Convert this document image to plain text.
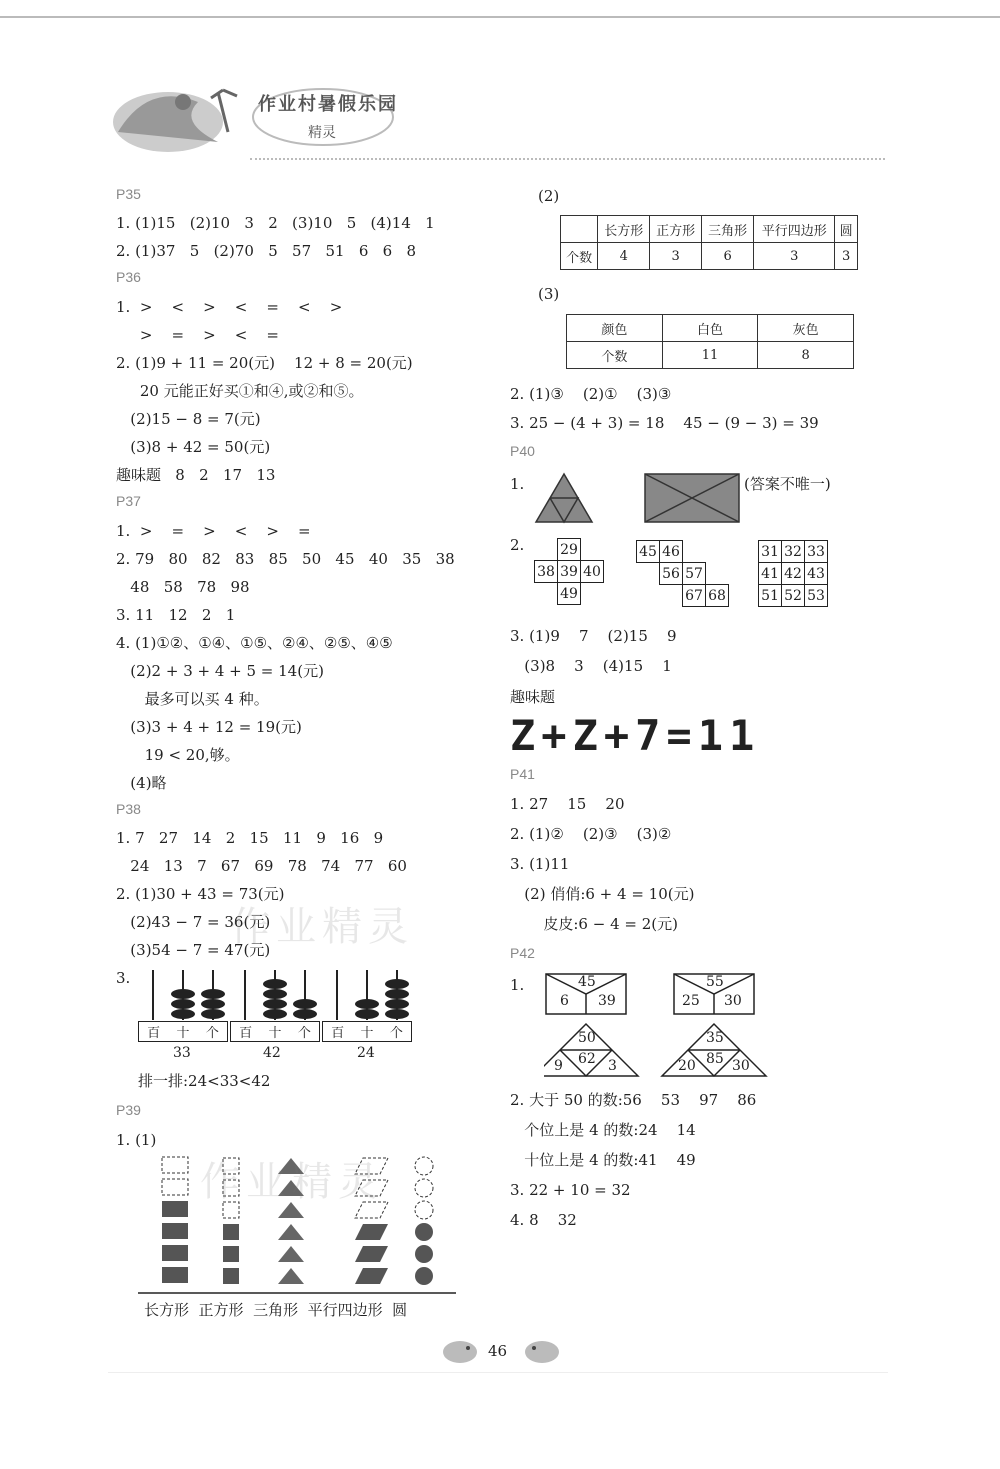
作业村暑假乐园
精灵
P35
1. (1)15   (2)10   3   2   (3)10   5   (4)14   1
2. (1)37   5   (2)70   5   57   51   6   6   8
P36
1.  >    <    >    <    =    <    >
>    =    >    <    =
2. (1)9 + 11 = 20(元)    12 + 8 = 20(元)
20 元能正好买①和④,或②和⑤。
(2)15 − 8 = 7(元)
(3)8 + 42 = 50(元)
趣味题   8   2   17   13
P37
1.  >    =    >    <    >    =
2. 79   80   82   83   85   50   45   40   35   38
48   58   78   98
3. 11   12   2   1
4. (1)①②、①④、①⑤、②④、②⑤、④⑤
(2)2 + 3 + 4 + 5 = 14(元)
最多可以买 4 种。
(3)3 + 4 + 12 = 19(元)
19 < 20,够。
(4)略
P38
1. 7   27   14   2   15   11   9   16   9
24   13   7   67   69   78   74   77   60
2. (1)30 + 43 = 73(元)
(2)43 − 7 = 36(元)
(3)54 − 7 = 47(元)
3.
百 十 个 百 十 个 百 十 个
33	42	24
排一排:24<33<42
P39
1. (1)
长方形  正方形  三角形  平行四边形  圆
作业精灵
作业精灵
(2)
	长方形	正方形	三角形	平行四边形	圆
个数	4	3	6	3	3
(3)
颜色	白色	灰色
个数	11	8
2. (1)③    (2)①    (3)③
3. 25 − (4 + 3) = 18    45 − (9 − 3) = 39
P40
1.	(答案不唯一)
2.
		29	
38	39	40
	49	
45	46		
	56	57	
		67	68
31	32	33
41	42	43
51	52	53
3. (1)9    7    (2)15    9
(3)8    3    (4)15    1
趣味题
Z+Z+7=11
P41
1. 27    15    20
2. (1)②    (2)③    (3)②
3. (1)11
(2) 俏俏:6 + 4 = 10(元)
皮皮:6 − 4 = 2(元)
P42
1.	45
6 39
55
25 30
50
62
9	3
35
85
20	30
2. 大于 50 的数:56    53    97    86
个位上是 4 的数:24    14
十位上是 4 的数:41    49
3. 22 + 10 = 32
4. 8    32
46
